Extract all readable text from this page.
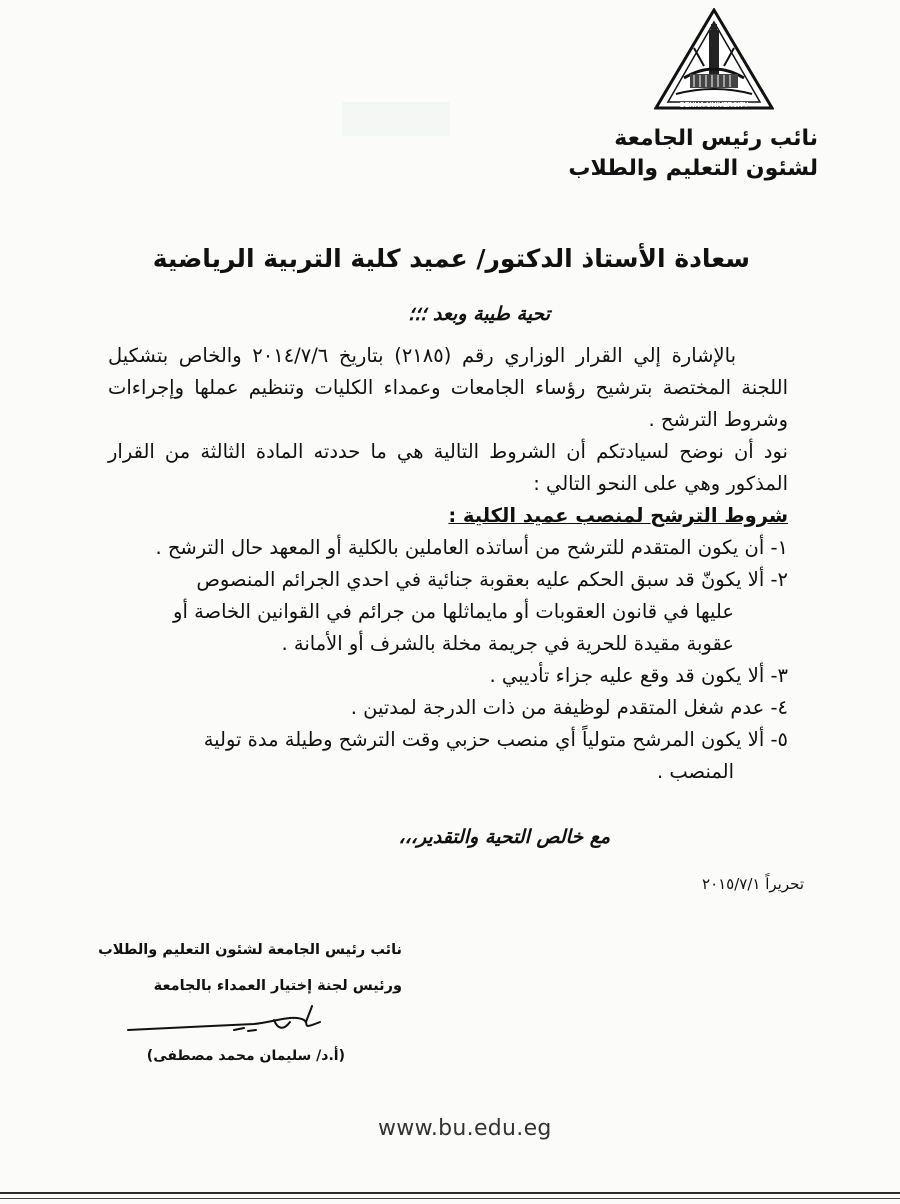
BENHA UNIVERSITY
نائب رئيس الجامعة
لشئون التعليم والطلاب
سعادة الأستاذ الدكتور/ عميد كلية التربية الرياضية
تحية طيبة وبعد ؛؛؛

بالإشارة إلي القرار الوزاري رقم (٢١٨٥) بتاريخ ٢٠١٤/٧/٦ والخاص بتشكيل اللجنة المختصة بترشيح رؤساء الجامعات وعمداء الكليات وتنظيم عملها وإجراءات وشروط الترشح .

نود أن نوضح لسيادتكم أن الشروط التالية هي ما حددته المادة الثالثة من القرار المذكور وهي على النحو التالي :

شروط الترشح لمنصب عميد الكلية :

١- أن يكون المتقدم للترشح من أساتذه العاملين بالكلية أو المعهد حال الترشح .

٢- ألا يكونّ قد سبق الحكم عليه بعقوبة جنائية في احدي الجرائم المنصوص

عليها في قانون العقوبات أو مايماثلها من جرائم في القوانين الخاصة أو

عقوبة مقيدة للحرية في جريمة مخلة بالشرف أو الأمانة .

٣- ألا يكون قد وقع عليه جزاء تأديبي .

٤- عدم شغل المتقدم لوظيفة من ذات الدرجة لمدتين .

٥- ألا يكون المرشح متولياً أي منصب حزبي وقت الترشح وطيلة مدة تولية

المنصب .

مع خالص التحية والتقدير،،،
تحريراً ٢٠١٥/٧/١
نائب رئيس الجامعة لشئون التعليم والطلاب
ورئيس لجنة إختيار العمداء بالجامعة
(أ.د/ سليمان محمد مصطفى)
www.bu.edu.eg
